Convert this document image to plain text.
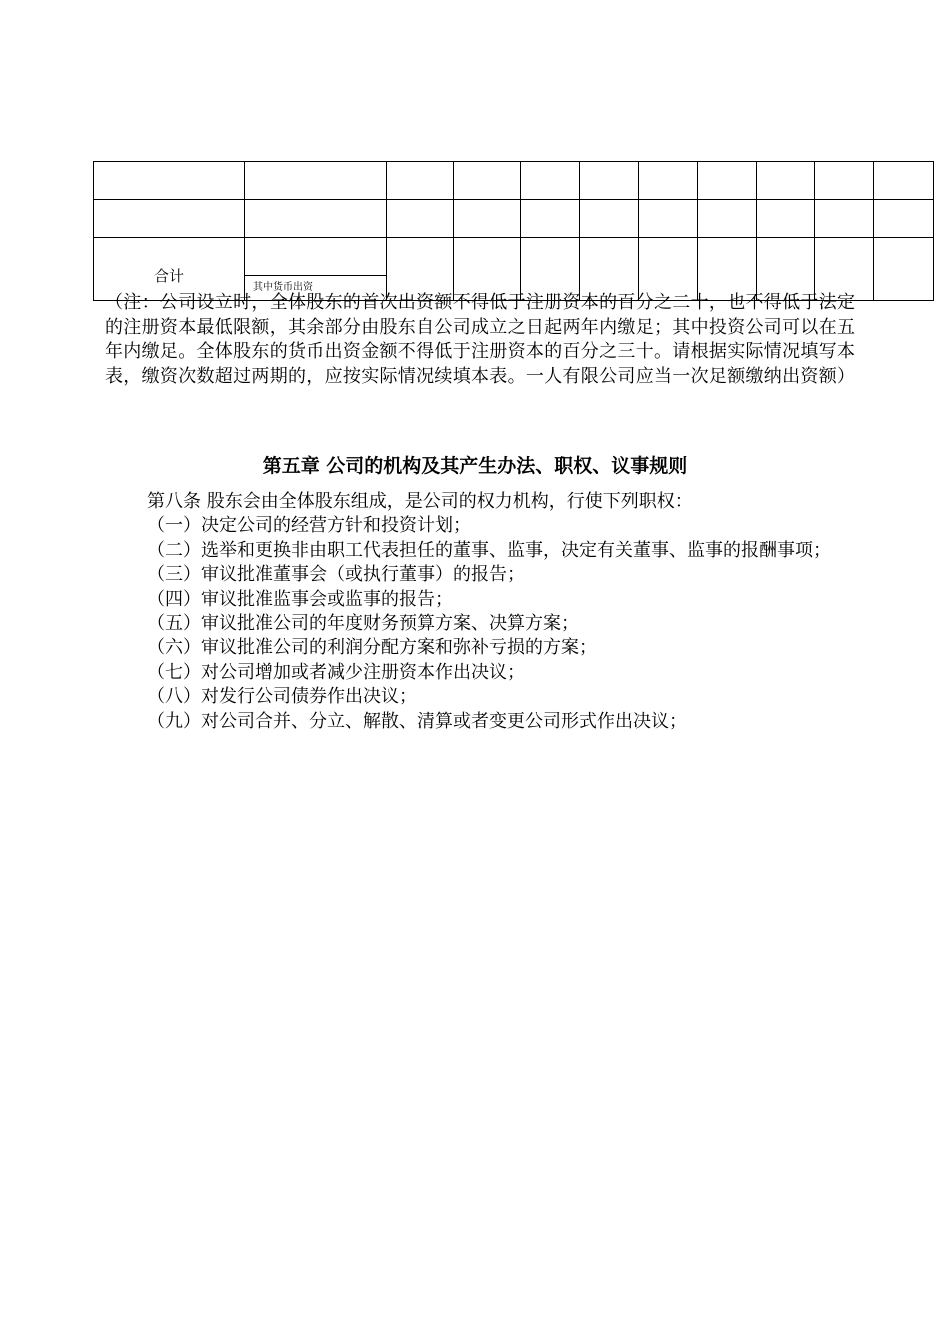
合计	其中货币出资									

（注：公司设立时，全体股东的首次出资额不得低于注册资本的百分之二十，也不得低于法定的注册资本最低限额，其余部分由股东自公司成立之日起两年内缴足；其中投资公司可以在五年内缴足。全体股东的货币出资金额不得低于注册资本的百分之三十。请根据实际情况填写本表，缴资次数超过两期的，应按实际情况续填本表。一人有限公司应当一次足额缴纳出资额）

第五章 公司的机构及其产生办法、职权、议事规则

第八条 股东会由全体股东组成，是公司的权力机构，行使下列职权：

（一）决定公司的经营方针和投资计划；

（二）选举和更换非由职工代表担任的董事、监事，决定有关董事、监事的报酬事项；

（三）审议批准董事会（或执行董事）的报告；

（四）审议批准监事会或监事的报告；

（五）审议批准公司的年度财务预算方案、决算方案；

（六）审议批准公司的利润分配方案和弥补亏损的方案；

（七）对公司增加或者减少注册资本作出决议；

（八）对发行公司债券作出决议；

（九）对公司合并、分立、解散、清算或者变更公司形式作出决议；
